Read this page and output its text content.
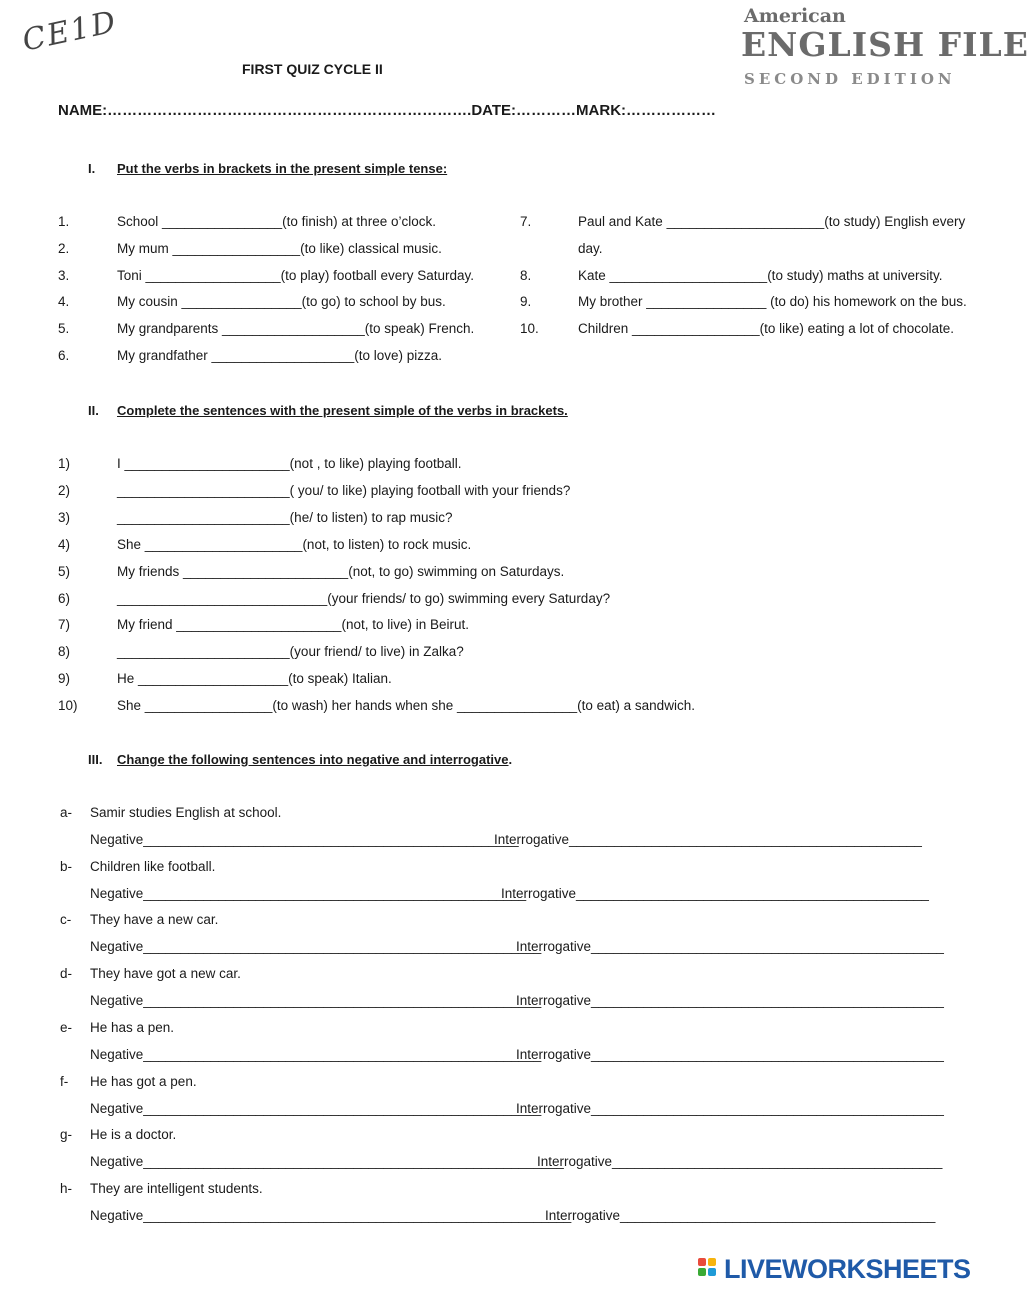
CE1D
FIRST QUIZ CYCLE II
NAME:……………………………………………………………….DATE:…………MARK:………………
American
ENGLISH FILE
SECOND EDITION
I. Put the verbs in brackets in the present simple tense:
1.	School ________________(to finish) at three o’clock.
2.	My mum _________________(to like) classical music.
3.	Toni __________________(to play) football every Saturday.
4.	My cousin ________________(to go) to school by bus.
5.	My grandparents ___________________(to speak) French.
6.	My grandfather ___________________(to love) pizza.
7.	Paul and Kate _____________________(to study) English every
day.
8.	Kate _____________________(to study) maths at university.
9.	My brother ________________ (to do) his homework on the bus.
10.	Children _________________(to like) eating a lot of chocolate.
II. Complete the sentences with the present simple of the verbs in brackets.
1)	I ______________________(not , to like) playing football.
2)	_______________________( you/ to like) playing football with your friends?
3)	_______________________(he/ to listen) to rap music?
4)	She _____________________(not, to listen) to rock music.
5)	My friends ______________________(not, to go) swimming on Saturdays.
6)	____________________________(your friends/ to go) swimming every Saturday?
7)	My friend ______________________(not, to live) in Beirut.
8)	_______________________(your friend/ to live) in Zalka?
9)	He ____________________(to speak) Italian.
10)	She _________________(to wash) her hands when she ________________(to eat) a sandwich.
III. Change the following sentences into negative and interrogative.
a- Samir studies English at school.
Negative__________________________________________________
Interrogative_______________________________________________
b- Children like football.
Negative___________________________________________________
Interrogative_______________________________________________
c- They have a new car.
Negative_____________________________________________________
Interrogative_______________________________________________
d- They have got a new car.
Negative_____________________________________________________
Interrogative_______________________________________________
e- He has a pen.
Negative_____________________________________________________
Interrogative_______________________________________________
f- He has got a pen.
Negative_____________________________________________________
Interrogative_______________________________________________
g- He is a doctor.
Negative________________________________________________________
Interrogative____________________________________________
h- They are intelligent students.
Negative_________________________________________________________
Interrogative__________________________________________
LIVEWORKSHEETS
